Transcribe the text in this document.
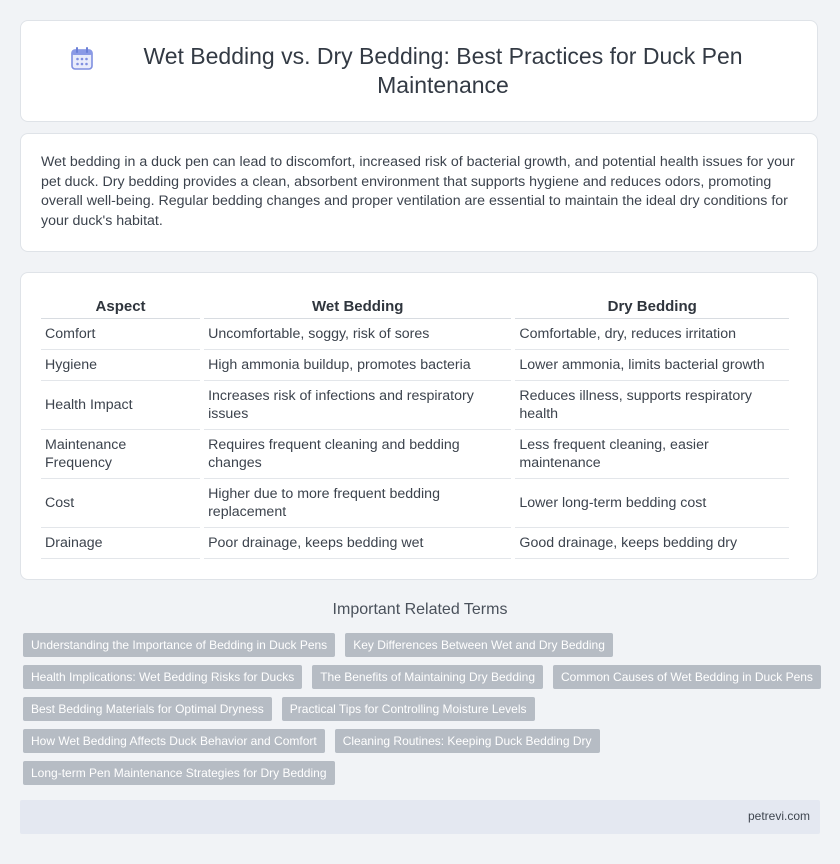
Wet Bedding vs. Dry Bedding: Best Practices for Duck Pen Maintenance

Wet bedding in a duck pen can lead to discomfort, increased risk of bacterial growth, and potential health issues for your pet duck. Dry bedding provides a clean, absorbent environment that supports hygiene and reduces odors, promoting overall well-being. Regular bedding changes and proper ventilation are essential to maintain the ideal dry conditions for your duck's habitat.

Aspect	Wet Bedding	Dry Bedding
Comfort	Uncomfortable, soggy, risk of sores	Comfortable, dry, reduces irritation
Hygiene	High ammonia buildup, promotes bacteria	Lower ammonia, limits bacterial growth
Health Impact	Increases risk of infections and respiratory issues	Reduces illness, supports respiratory health
Maintenance Frequency	Requires frequent cleaning and bedding changes	Less frequent cleaning, easier maintenance
Cost	Higher due to more frequent bedding replacement	Lower long-term bedding cost
Drainage	Poor drainage, keeps bedding wet	Good drainage, keeps bedding dry
Important Related Terms
Understanding the Importance of Bedding in Duck Pens	Key Differences Between Wet and Dry Bedding
Health Implications: Wet Bedding Risks for Ducks	The Benefits of Maintaining Dry Bedding	Common Causes of Wet Bedding in Duck Pens
Best Bedding Materials for Optimal Dryness	Practical Tips for Controlling Moisture Levels
How Wet Bedding Affects Duck Behavior and Comfort	Cleaning Routines: Keeping Duck Bedding Dry
Long-term Pen Maintenance Strategies for Dry Bedding
petrevi.com
